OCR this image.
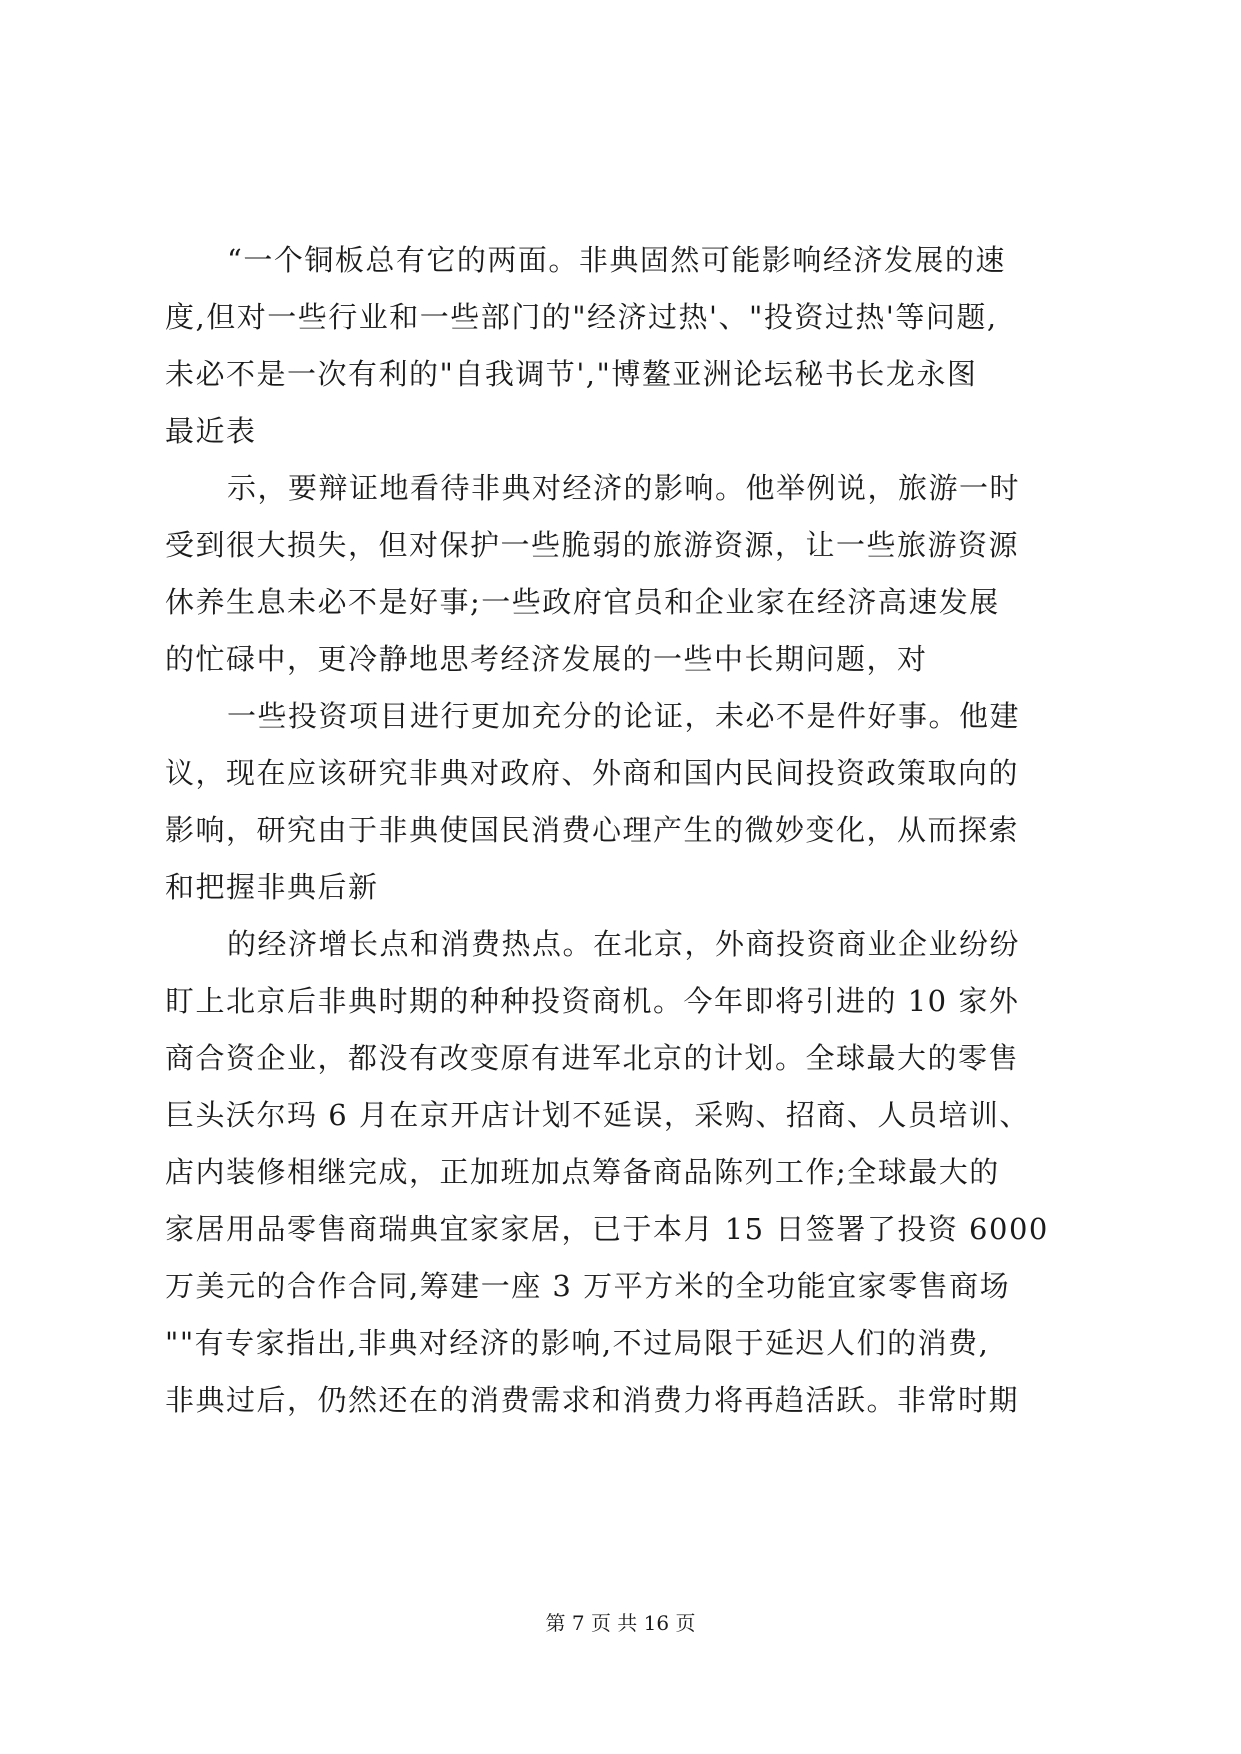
“一个铜板总有它的两面。非典固然可能影响经济发展的速
度,但对一些行业和一些部门的"经济过热'、"投资过热'等问题,
未必不是一次有利的"自我调节',"博鳌亚洲论坛秘书长龙永图
最近表

示，要辩证地看待非典对经济的影响。他举例说，旅游一时
受到很大损失，但对保护一些脆弱的旅游资源，让一些旅游资源
休养生息未必不是好事;一些政府官员和企业家在经济高速发展
的忙碌中，更冷静地思考经济发展的一些中长期问题，对

一些投资项目进行更加充分的论证，未必不是件好事。他建
议，现在应该研究非典对政府、外商和国内民间投资政策取向的
影响，研究由于非典使国民消费心理产生的微妙变化，从而探索
和把握非典后新

的经济增长点和消费热点。在北京，外商投资商业企业纷纷
盯上北京后非典时期的种种投资商机。今年即将引进的 10 家外
商合资企业，都没有改变原有进军北京的计划。全球最大的零售
巨头沃尔玛 6 月在京开店计划不延误，采购、招商、人员培训、
店内装修相继完成，正加班加点筹备商品陈列工作;全球最大的
家居用品零售商瑞典宜家家居，已于本月 15 日签署了投资 6000
万美元的合作合同,筹建一座 3 万平方米的全功能宜家零售商场
""有专家指出,非典对经济的影响,不过局限于延迟人们的消费,
非典过后，仍然还在的消费需求和消费力将再趋活跃。非常时期

第 7 页 共 16 页
